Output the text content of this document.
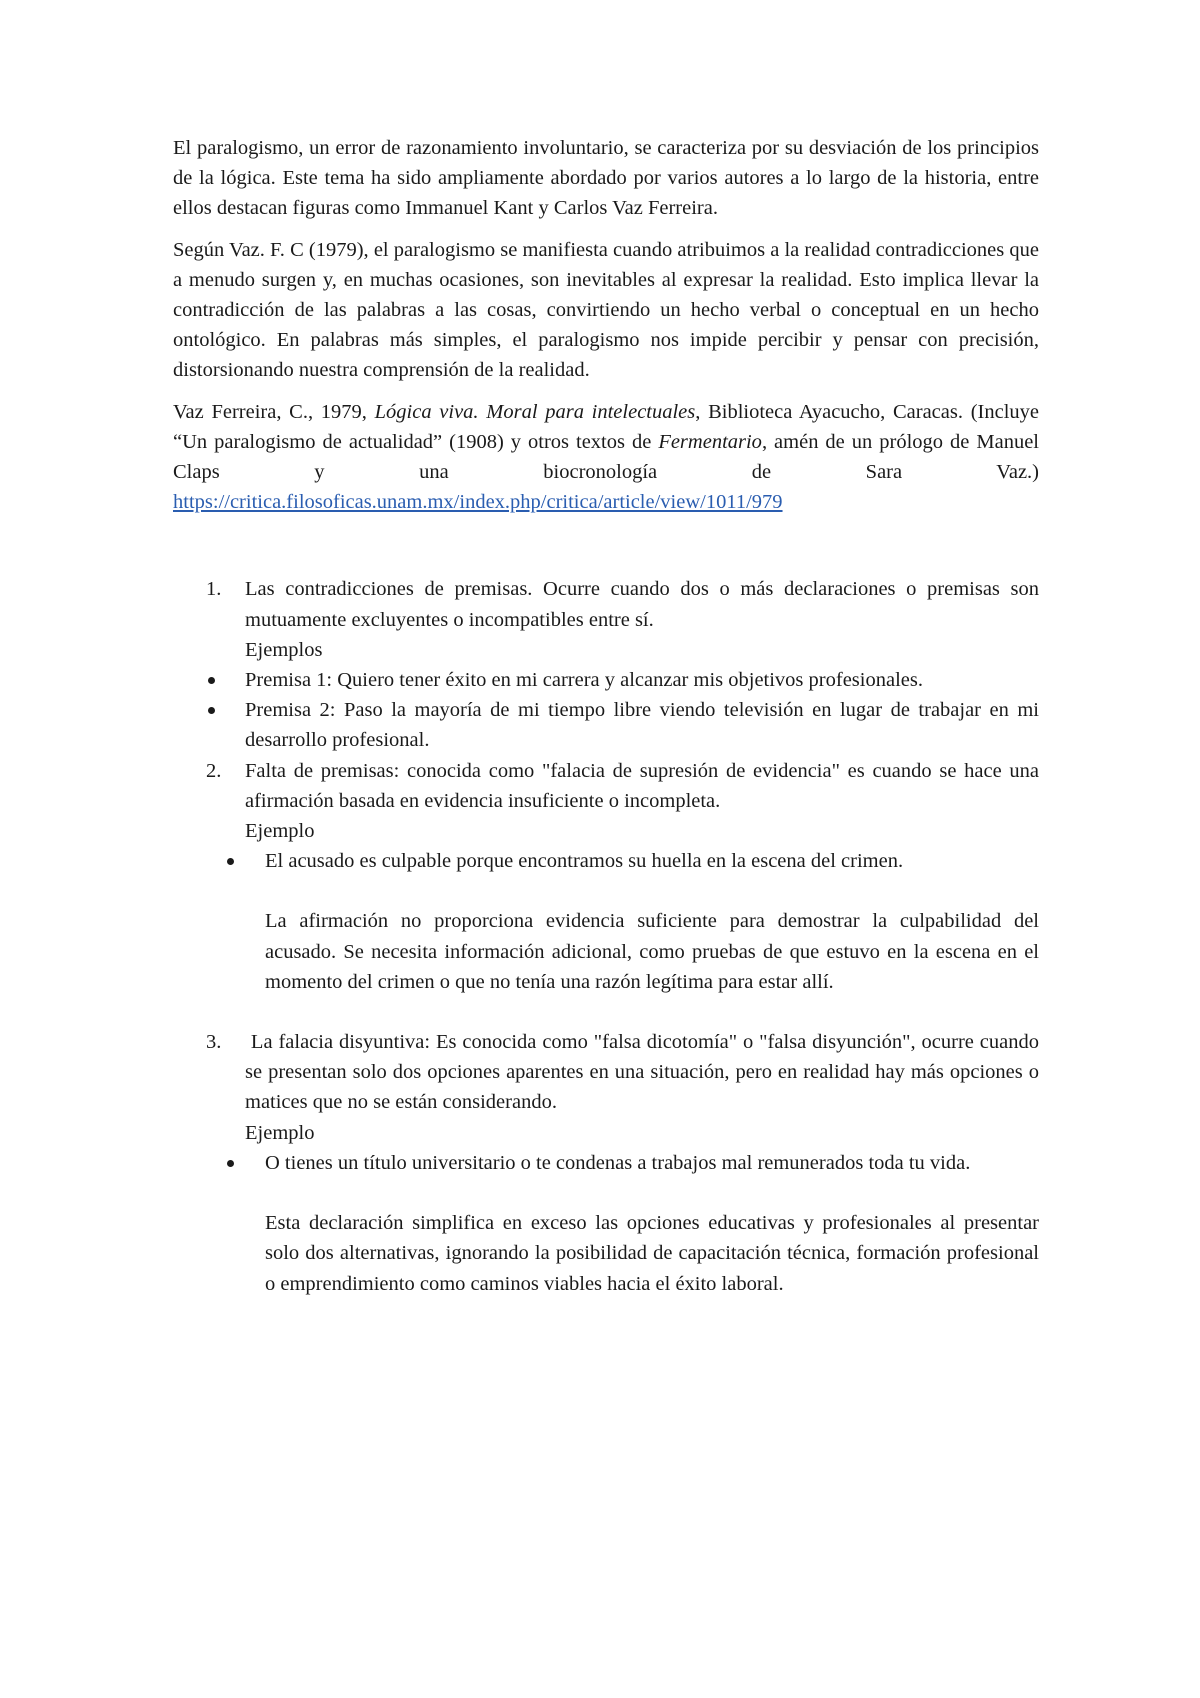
El paralogismo, un error de razonamiento involuntario, se caracteriza por su desviación de los principios de la lógica. Este tema ha sido ampliamente abordado por varios autores a lo largo de la historia, entre ellos destacan figuras como Immanuel Kant y Carlos Vaz Ferreira.

Según Vaz. F. C (1979), el paralogismo se manifiesta cuando atribuimos a la realidad contradicciones que a menudo surgen y, en muchas ocasiones, son inevitables al expresar la realidad. Esto implica llevar la contradicción de las palabras a las cosas, convirtiendo un hecho verbal o conceptual en un hecho ontológico. En palabras más simples, el paralogismo nos impide percibir y pensar con precisión, distorsionando nuestra comprensión de la realidad.

Vaz Ferreira, C., 1979, Lógica viva. Moral para intelectuales, Biblioteca Ayacucho, Caracas. (Incluye “Un paralogismo de actualidad” (1908) y otros textos de Fermentario, amén de un prólogo de Manuel Claps y una biocronología de Sara Vaz.) https://critica.filosoficas.unam.mx/index.php/critica/article/view/1011/979

1. Las contradicciones de premisas. Ocurre cuando dos o más declaraciones o premisas son mutuamente excluyentes o incompatibles entre sí.
Ejemplos
Premisa 1: Quiero tener éxito en mi carrera y alcanzar mis objetivos profesionales.
Premisa 2: Paso la mayoría de mi tiempo libre viendo televisión en lugar de trabajar en mi desarrollo profesional.
2. Falta de premisas: conocida como "falacia de supresión de evidencia" es cuando se hace una afirmación basada en evidencia insuficiente o incompleta.
Ejemplo
El acusado es culpable porque encontramos su huella en la escena del crimen.
La afirmación no proporciona evidencia suficiente para demostrar la culpabilidad del acusado. Se necesita información adicional, como pruebas de que estuvo en la escena en el momento del crimen o que no tenía una razón legítima para estar allí.
3. La falacia disyuntiva: Es conocida como "falsa dicotomía" o "falsa disyunción", ocurre cuando se presentan solo dos opciones aparentes en una situación, pero en realidad hay más opciones o matices que no se están considerando.
Ejemplo
O tienes un título universitario o te condenas a trabajos mal remunerados toda tu vida.
Esta declaración simplifica en exceso las opciones educativas y profesionales al presentar solo dos alternativas, ignorando la posibilidad de capacitación técnica, formación profesional o emprendimiento como caminos viables hacia el éxito laboral.
